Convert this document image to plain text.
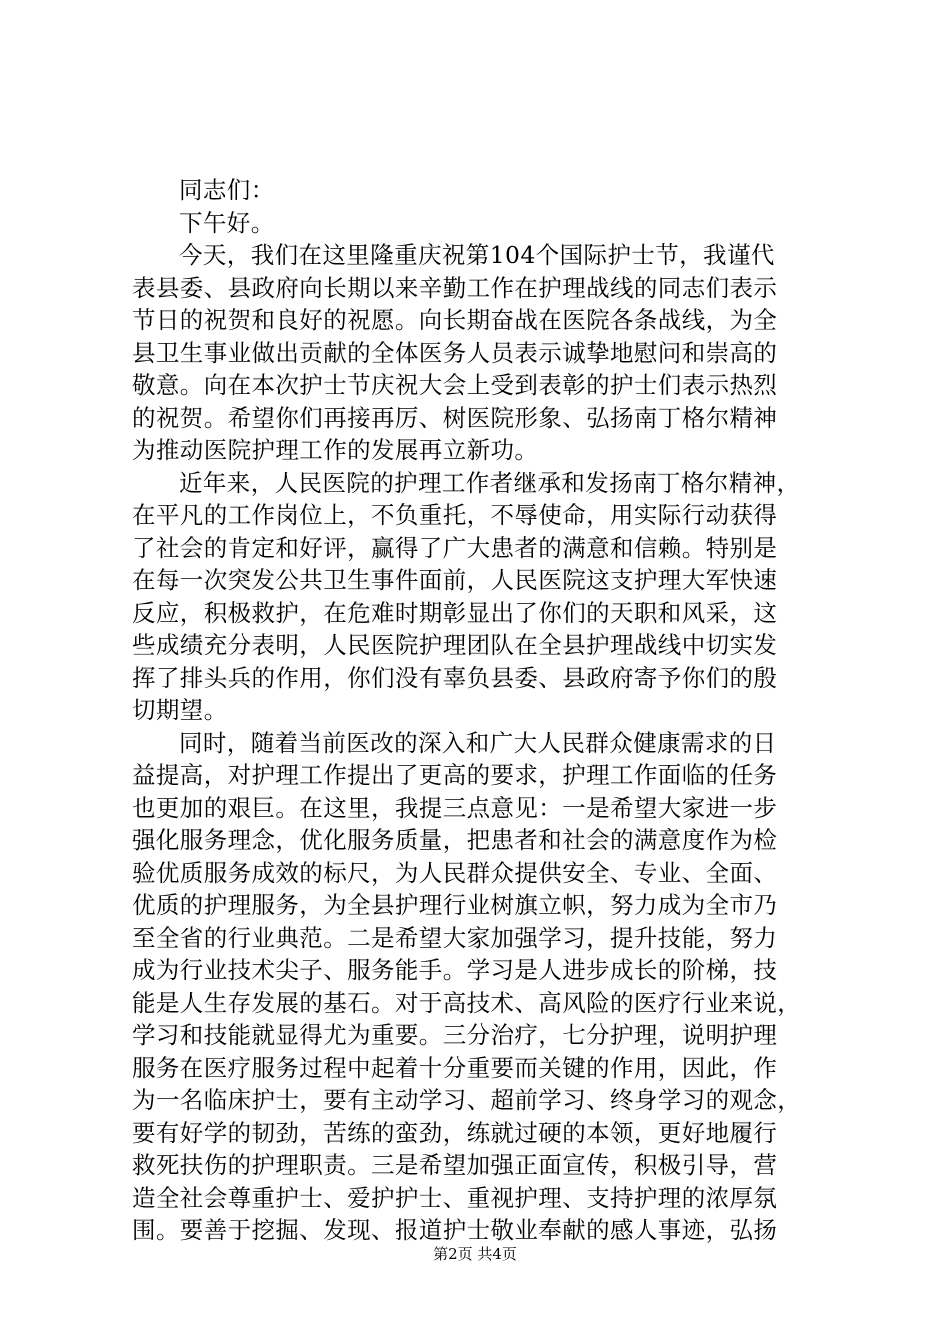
同志们：
下午好。
今天，我们在这里隆重庆祝第104个国际护士节，我谨代
表县委、县政府向长期以来辛勤工作在护理战线的同志们表示
节日的祝贺和良好的祝愿。向长期奋战在医院各条战线，为全
县卫生事业做出贡献的全体医务人员表示诚挚地慰问和崇高的
敬意。向在本次护士节庆祝大会上受到表彰的护士们表示热烈
的祝贺。希望你们再接再厉、树医院形象、弘扬南丁格尔精神
为推动医院护理工作的发展再立新功。
近年来，人民医院的护理工作者继承和发扬南丁格尔精神，
在平凡的工作岗位上，不负重托，不辱使命，用实际行动获得
了社会的肯定和好评，赢得了广大患者的满意和信赖。特别是
在每一次突发公共卫生事件面前，人民医院这支护理大军快速
反应，积极救护，在危难时期彰显出了你们的天职和风采，这
些成绩充分表明，人民医院护理团队在全县护理战线中切实发
挥了排头兵的作用，你们没有辜负县委、县政府寄予你们的殷
切期望。
同时，随着当前医改的深入和广大人民群众健康需求的日
益提高，对护理工作提出了更高的要求，护理工作面临的任务
也更加的艰巨。在这里，我提三点意见：一是希望大家进一步
强化服务理念，优化服务质量，把患者和社会的满意度作为检
验优质服务成效的标尺，为人民群众提供安全、专业、全面、
优质的护理服务，为全县护理行业树旗立帜，努力成为全市乃
至全省的行业典范。二是希望大家加强学习，提升技能，努力
成为行业技术尖子、服务能手。学习是人进步成长的阶梯，技
能是人生存发展的基石。对于高技术、高风险的医疗行业来说，
学习和技能就显得尤为重要。三分治疗，七分护理，说明护理
服务在医疗服务过程中起着十分重要而关键的作用，因此，作
为一名临床护士，要有主动学习、超前学习、终身学习的观念，
要有好学的韧劲，苦练的蛮劲，练就过硬的本领，更好地履行
救死扶伤的护理职责。三是希望加强正面宣传，积极引导，营
造全社会尊重护士、爱护护士、重视护理、支持护理的浓厚氛
围。要善于挖掘、发现、报道护士敬业奉献的感人事迹，弘扬
第2页 共4页
